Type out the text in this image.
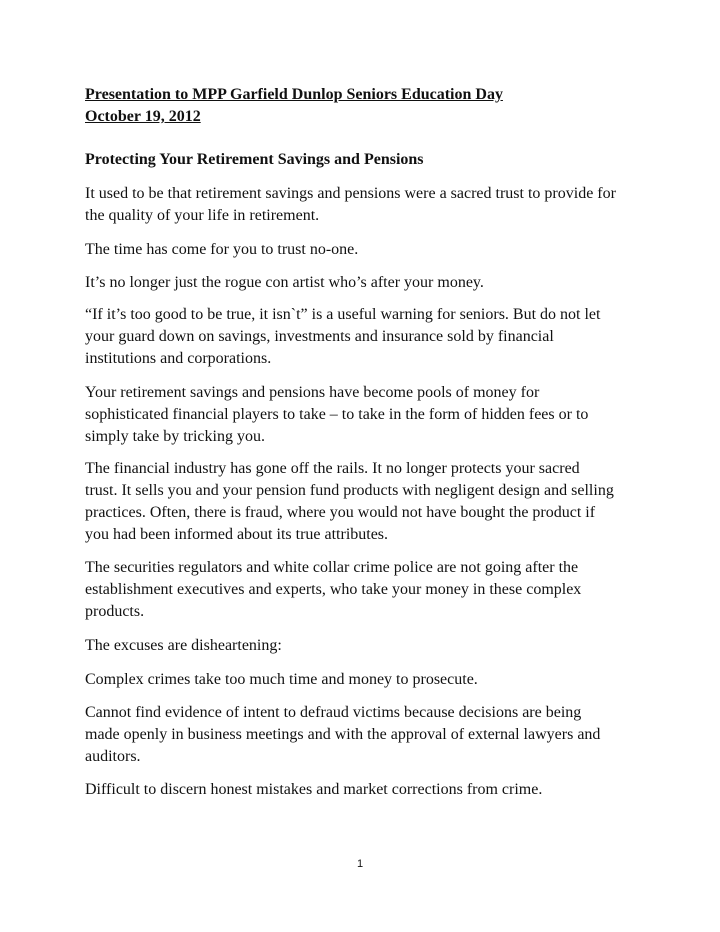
Presentation to MPP Garfield Dunlop Seniors Education Day
October 19, 2012
Protecting Your Retirement Savings and Pensions
It used to be that retirement savings and pensions were a sacred trust to provide for
the quality of your life in retirement.
The time has come for you to trust no-one.
It’s no longer just the rogue con artist who’s after your money.
“If it’s too good to be true, it isn`t” is a useful warning for seniors. But do not let
your guard down on savings, investments and insurance sold by financial
institutions and corporations.
Your retirement savings and pensions have become pools of money for
sophisticated financial players to take – to take in the form of hidden fees or to
simply take by tricking you.
The financial industry has gone off the rails. It no longer protects your sacred
trust. It sells you and your pension fund products with negligent design and selling
practices. Often, there is fraud, where you would not have bought the product if
you had been informed about its true attributes.
The securities regulators and white collar crime police are not going after the
establishment executives and experts, who take your money in these complex
products.
The excuses are disheartening:
Complex crimes take too much time and money to prosecute.
Cannot find evidence of intent to defraud victims because decisions are being
made openly in business meetings and with the approval of external lawyers and
auditors.
Difficult to discern honest mistakes and market corrections from crime.
1
